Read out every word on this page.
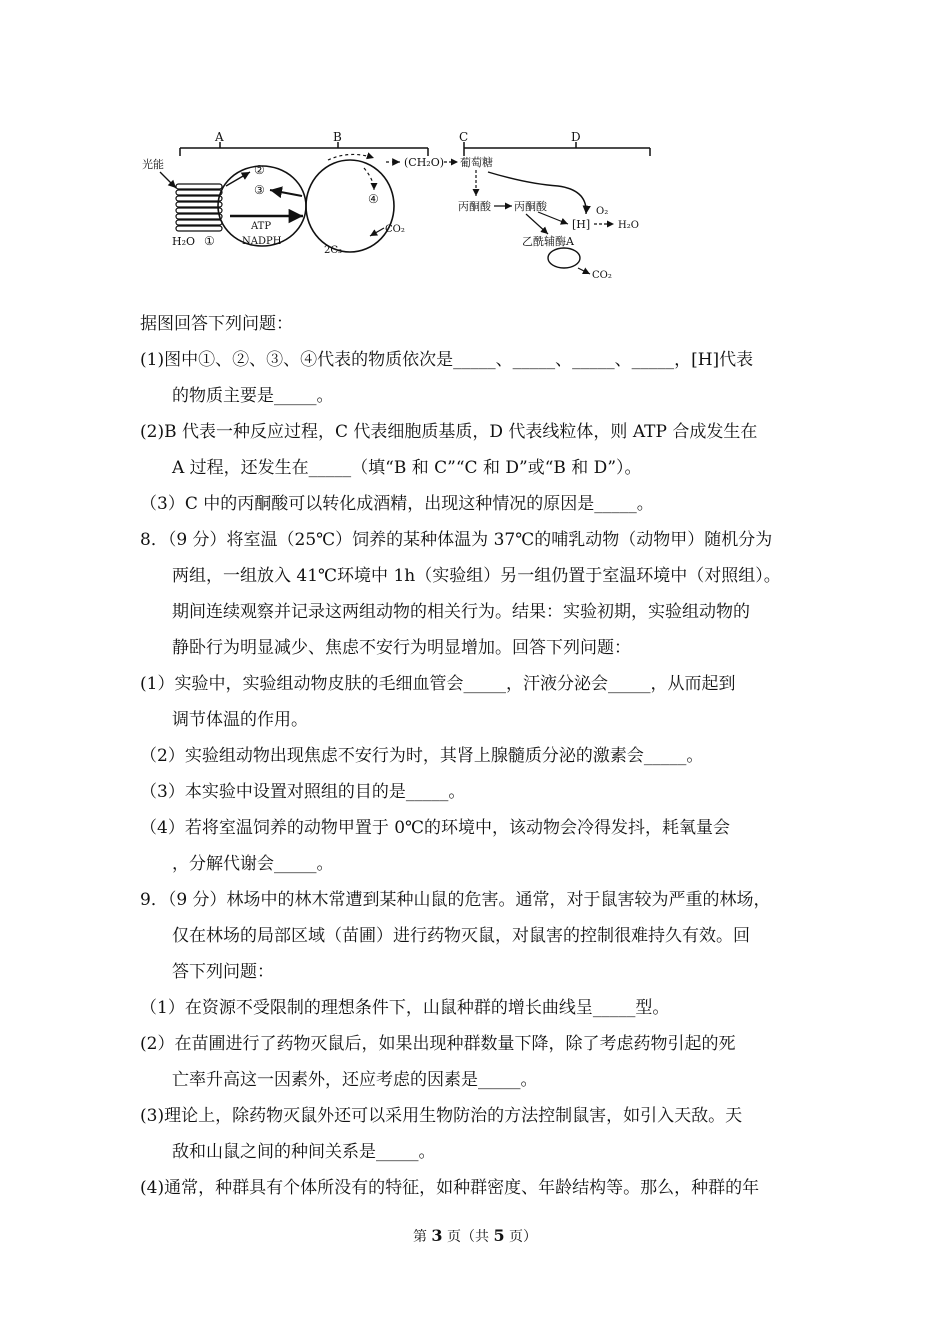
A	B	C	D
光能
H₂O ①
②
③
ATP
NADPH
④
CO₂
2C₃
(CH₂O) 葡萄糖
丙酮酸 丙酮酸	O₂
[H]	H₂O
乙酰辅酶A
CO₂
据图回答下列问题：
(1)图中①、②、③、④代表的物质依次是_____、_____、_____、_____，[H]代表
的物质主要是_____。
(2)B 代表一种反应过程，C 代表细胞质基质，D 代表线粒体，则 ATP 合成发生在
A 过程，还发生在_____（填“B 和 C”“C 和 D”或“B 和 D”）。
（3）C 中的丙酮酸可以转化成酒精，出现这种情况的原因是_____。
8．（9 分）将室温（25℃）饲养的某种体温为 37℃的哺乳动物（动物甲）随机分为
两组，一组放入 41℃环境中 1h（实验组）另一组仍置于室温环境中（对照组）。
期间连续观察并记录这两组动物的相关行为。结果：实验初期，实验组动物的
静卧行为明显减少、焦虑不安行为明显增加。回答下列问题：
(1）实验中，实验组动物皮肤的毛细血管会_____，汗液分泌会_____，从而起到
调节体温的作用。
（2）实验组动物出现焦虑不安行为时，其肾上腺髓质分泌的激素会_____。
（3）本实验中设置对照组的目的是_____。
（4）若将室温饲养的动物甲置于 0℃的环境中，该动物会冷得发抖，耗氧量会
，分解代谢会_____。
9．（9 分）林场中的林木常遭到某种山鼠的危害。通常，对于鼠害较为严重的林场，
仅在林场的局部区域（苗圃）进行药物灭鼠，对鼠害的控制很难持久有效。回
答下列问题：
（1）在资源不受限制的理想条件下，山鼠种群的增长曲线呈_____型。
(2）在苗圃进行了药物灭鼠后，如果出现种群数量下降，除了考虑药物引起的死
亡率升高这一因素外，还应考虑的因素是_____。
(3)理论上，除药物灭鼠外还可以采用生物防治的方法控制鼠害，如引入天敌。天
敌和山鼠之间的种间关系是_____。
(4)通常，种群具有个体所没有的特征，如种群密度、年龄结构等。那么，种群的年
第 3 页（共 5 页）
